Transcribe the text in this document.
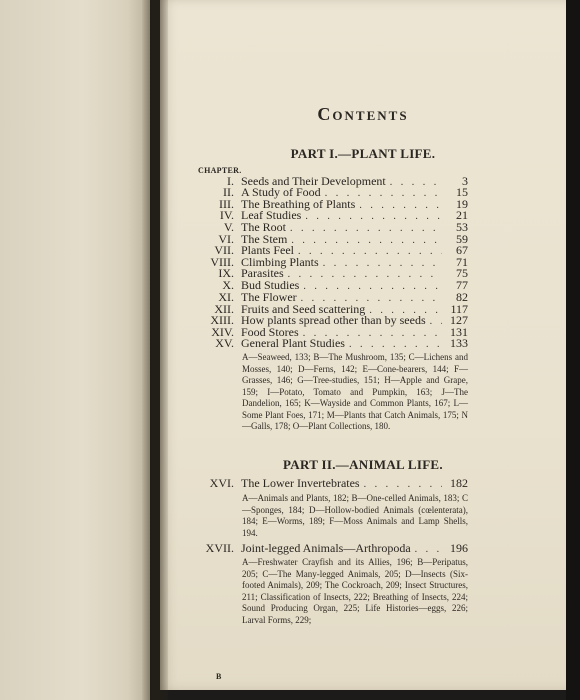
Contents
PART I.—PLANT LIFE.
CHAPTER.
I. Seeds and Their Development . . .	3
II. A Study of Food . . .	15
III. The Breathing of Plants . . .	19
IV. Leaf Studies . . .	21
V. The Root . . .	53
VI. The Stem . . .	59
VII. Plants Feel . . .	67
VIII. Climbing Plants . . .	71
IX. Parasites . . .	75
X. Bud Studies . . .	77
XI. The Flower . . .	82
XII. Fruits and Seed scattering . . .	117
XIII. How plants spread other than by seeds . . .	127
XIV. Food Stores . . .	131
XV. General Plant Studies . . .	133
A—Seaweed, 133; B—The Mushroom, 135; C—Lichens and Mosses, 140; D—Ferns, 142; E—Cone-bearers, 144; F—Grasses, 146; G—Tree-studies, 151; H—Apple and Grape, 159; I—Potato, Tomato and Pumpkin, 163; J—The Dandelion, 165; K—Wayside and Common Plants, 167; L—Some Plant Foes, 171; M—Plants that Catch Animals, 175; N—Galls, 178; O—Plant Collections, 180.
PART II.—ANIMAL LIFE.
XVI. The Lower Invertebrates . . .	182
A—Animals and Plants, 182; B—One-celled Animals, 183; C—Sponges, 184; D—Hollow-bodied Animals (cœlenterata), 184; E—Worms, 189; F—Moss Animals and Lamp Shells, 194.
XVII. Joint-legged Animals—Arthropoda . . .	196
A—Freshwater Crayfish and its Allies, 196; B—Peripatus, 205; C—The Many-legged Animals, 205; D—Insects (Six-footed Animals), 209; The Cockroach, 209; Insect Structures, 211; Classification of Insects, 222; Breathing of Insects, 224; Sound Producing Organ, 225; Life Histories—eggs, 226; Larval Forms, 229;
B
